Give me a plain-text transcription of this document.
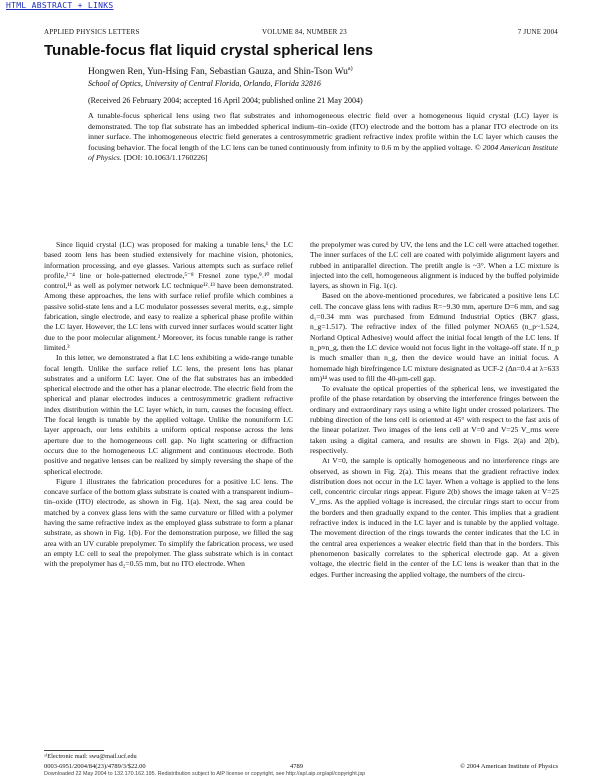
HTML ABSTRACT + LINKS
APPLIED PHYSICS LETTERS	VOLUME 84, NUMBER 23	7 JUNE 2004
Tunable-focus flat liquid crystal spherical lens
Hongwen Ren, Yun-Hsing Fan, Sebastian Gauza, and Shin-Tson Wu$^{a)}$
School of Optics, University of Central Florida, Orlando, Florida 32816
(Received 26 February 2004; accepted 16 April 2004; published online 21 May 2004)
A tunable-focus spherical lens using two flat substrates and inhomogeneous electric field over a homogeneous liquid crystal (LC) layer is demonstrated. The top flat substrate has an imbedded spherical indium–tin–oxide (ITO) electrode and the bottom has a planar ITO electrode on its inner surface. The inhomogeneous electric field generates a centrosymmetric gradient refractive index profile within the LC layer which causes the focusing behavior. The focal length of the LC lens can be tuned continuously from infinity to 0.6 m by the applied voltage. © 2004 American Institute of Physics. [DOI: 10.1063/1.1760226]

Since liquid crystal (LC) was proposed for making a tunable lens,¹ the LC based zoom lens has been studied extensively for machine vision, photonics, information processing, and eye glasses. Various attempts such as surface relief profile,²⁻⁴ line or hole-patterned electrode,⁵⁻⁸ Fresnel zone type,⁹˒¹⁰ modal control,¹¹ as well as polymer network LC technique¹²˒¹³ have been demonstrated. Among these approaches, the lens with surface relief profile which combines a passive solid-state lens and a LC modulator possesses several merits, e.g., simple fabrication, single electrode, and easy to realize a spherical phase profile within the LC layer. However, the LC lens with curved inner surfaces would scatter light due to the poor molecular alignment.² Moreover, its focus tunable range is rather limited.³

In this letter, we demonstrated a flat LC lens exhibiting a wide-range tunable focal length. Unlike the surface relief LC lens, the present lens has planar substrates and a uniform LC layer. One of the flat substrates has an imbedded spherical electrode and the other has a planar electrode. The electric field from the spherical and planar electrodes induces a centrosymmetric gradient refractive index distribution within the LC layer which, in turn, causes the focusing effect. The focal length is tunable by the applied voltage. Unlike the nonuniform LC layer approach, our lens exhibits a uniform optical response across the lens aperture due to the homogeneous cell gap. No light scattering or diffraction occurs due to the homogeneous LC alignment and continuous electrode. Both positive and negative lenses can be realized by simply reversing the shape of the spherical electrode.

Figure 1 illustrates the fabrication procedures for a positive LC lens. The concave surface of the bottom glass substrate is coated with a transparent indium–tin–oxide (ITO) electrode, as shown in Fig. 1(a). Next, the sag area could be matched by a convex glass lens with the same curvature or filled with a polymer having the same refractive index as the employed glass substrate to form a planar substrate, as shown in Fig. 1(b). For the demonstration purpose, we filled the sag area with an UV curable prepolymer. To simplify the fabrication process, we used an empty LC cell to seal the prepolymer. The glass substrate which is in contact with the prepolymer has d₂=0.55 mm, but no ITO electrode. When

the prepolymer was cured by UV, the lens and the LC cell were attached together. The inner surfaces of the LC cell are coated with polyimide alignment layers and rubbed in antiparallel direction. The pretilt angle is ~3°. When a LC mixture is injected into the cell, homogeneous alignment is induced by the buffed polyimide layers, as shown in Fig. 1(c).

Based on the above-mentioned procedures, we fabricated a positive lens LC cell. The concave glass lens with radius R=−9.30 mm, aperture D=6 mm, and sag d₁=0.34 mm was purchased from Edmund Industrial Optics (BK7 glass, n_g=1.517). The refractive index of the filled polymer NOA65 (n_p~1.524, Norland Optical Adhesive) would affect the initial focal length of the LC lens. If n_p≈n_g, then the LC device would not focus light in the voltage-off state. If n_p is much smaller than n_g, then the device would have an initial focus. A homemade high birefringence LC mixture designated as UCF-2 (Δn=0.4 at λ=633 nm)¹⁴ was used to fill the 40-μm-cell gap.

To evaluate the optical properties of the spherical lens, we investigated the profile of the phase retardation by observing the interference fringes between the ordinary and extraordinary rays using a white light under crossed polarizers. The rubbing direction of the lens cell is oriented at 45° with respect to the fast axis of the linear polarizer. Two images of the lens cell at V=0 and V=25 V_rms were taken using a digital camera, and results are shown in Figs. 2(a) and 2(b), respectively.

At V=0, the sample is optically homogeneous and no interference rings are observed, as shown in Fig. 2(a). This means that the gradient refractive index distribution does not occur in the LC layer. When a voltage is applied to the lens cell, concentric circular rings appear. Figure 2(b) shows the image taken at V=25 V_rms. As the applied voltage is increased, the circular rings start to occur from the borders and then gradually expand to the center. This implies that a gradient refractive index is induced in the LC layer and is tunable by the applied voltage. The movement direction of the rings towards the center indicates that the LC in the central area experiences a weaker electric field than that in the borders. This phenomenon basically correlates to the spherical electrode gap. At a given voltage, the electric field in the center of the LC lens is weaker than that in the edges. Further increasing the applied voltage, the numbers of the circu-

ᵃ⁾Electronic mail: swu@mail.ucf.edu
0003-6951/2004/84(23)/4789/3/$22.00	4789	© 2004 American Institute of Physics
Downloaded 22 May 2004 to 132.170.162.195. Redistribution subject to AIP license or copyright, see http://apl.aip.org/apl/copyright.jsp
